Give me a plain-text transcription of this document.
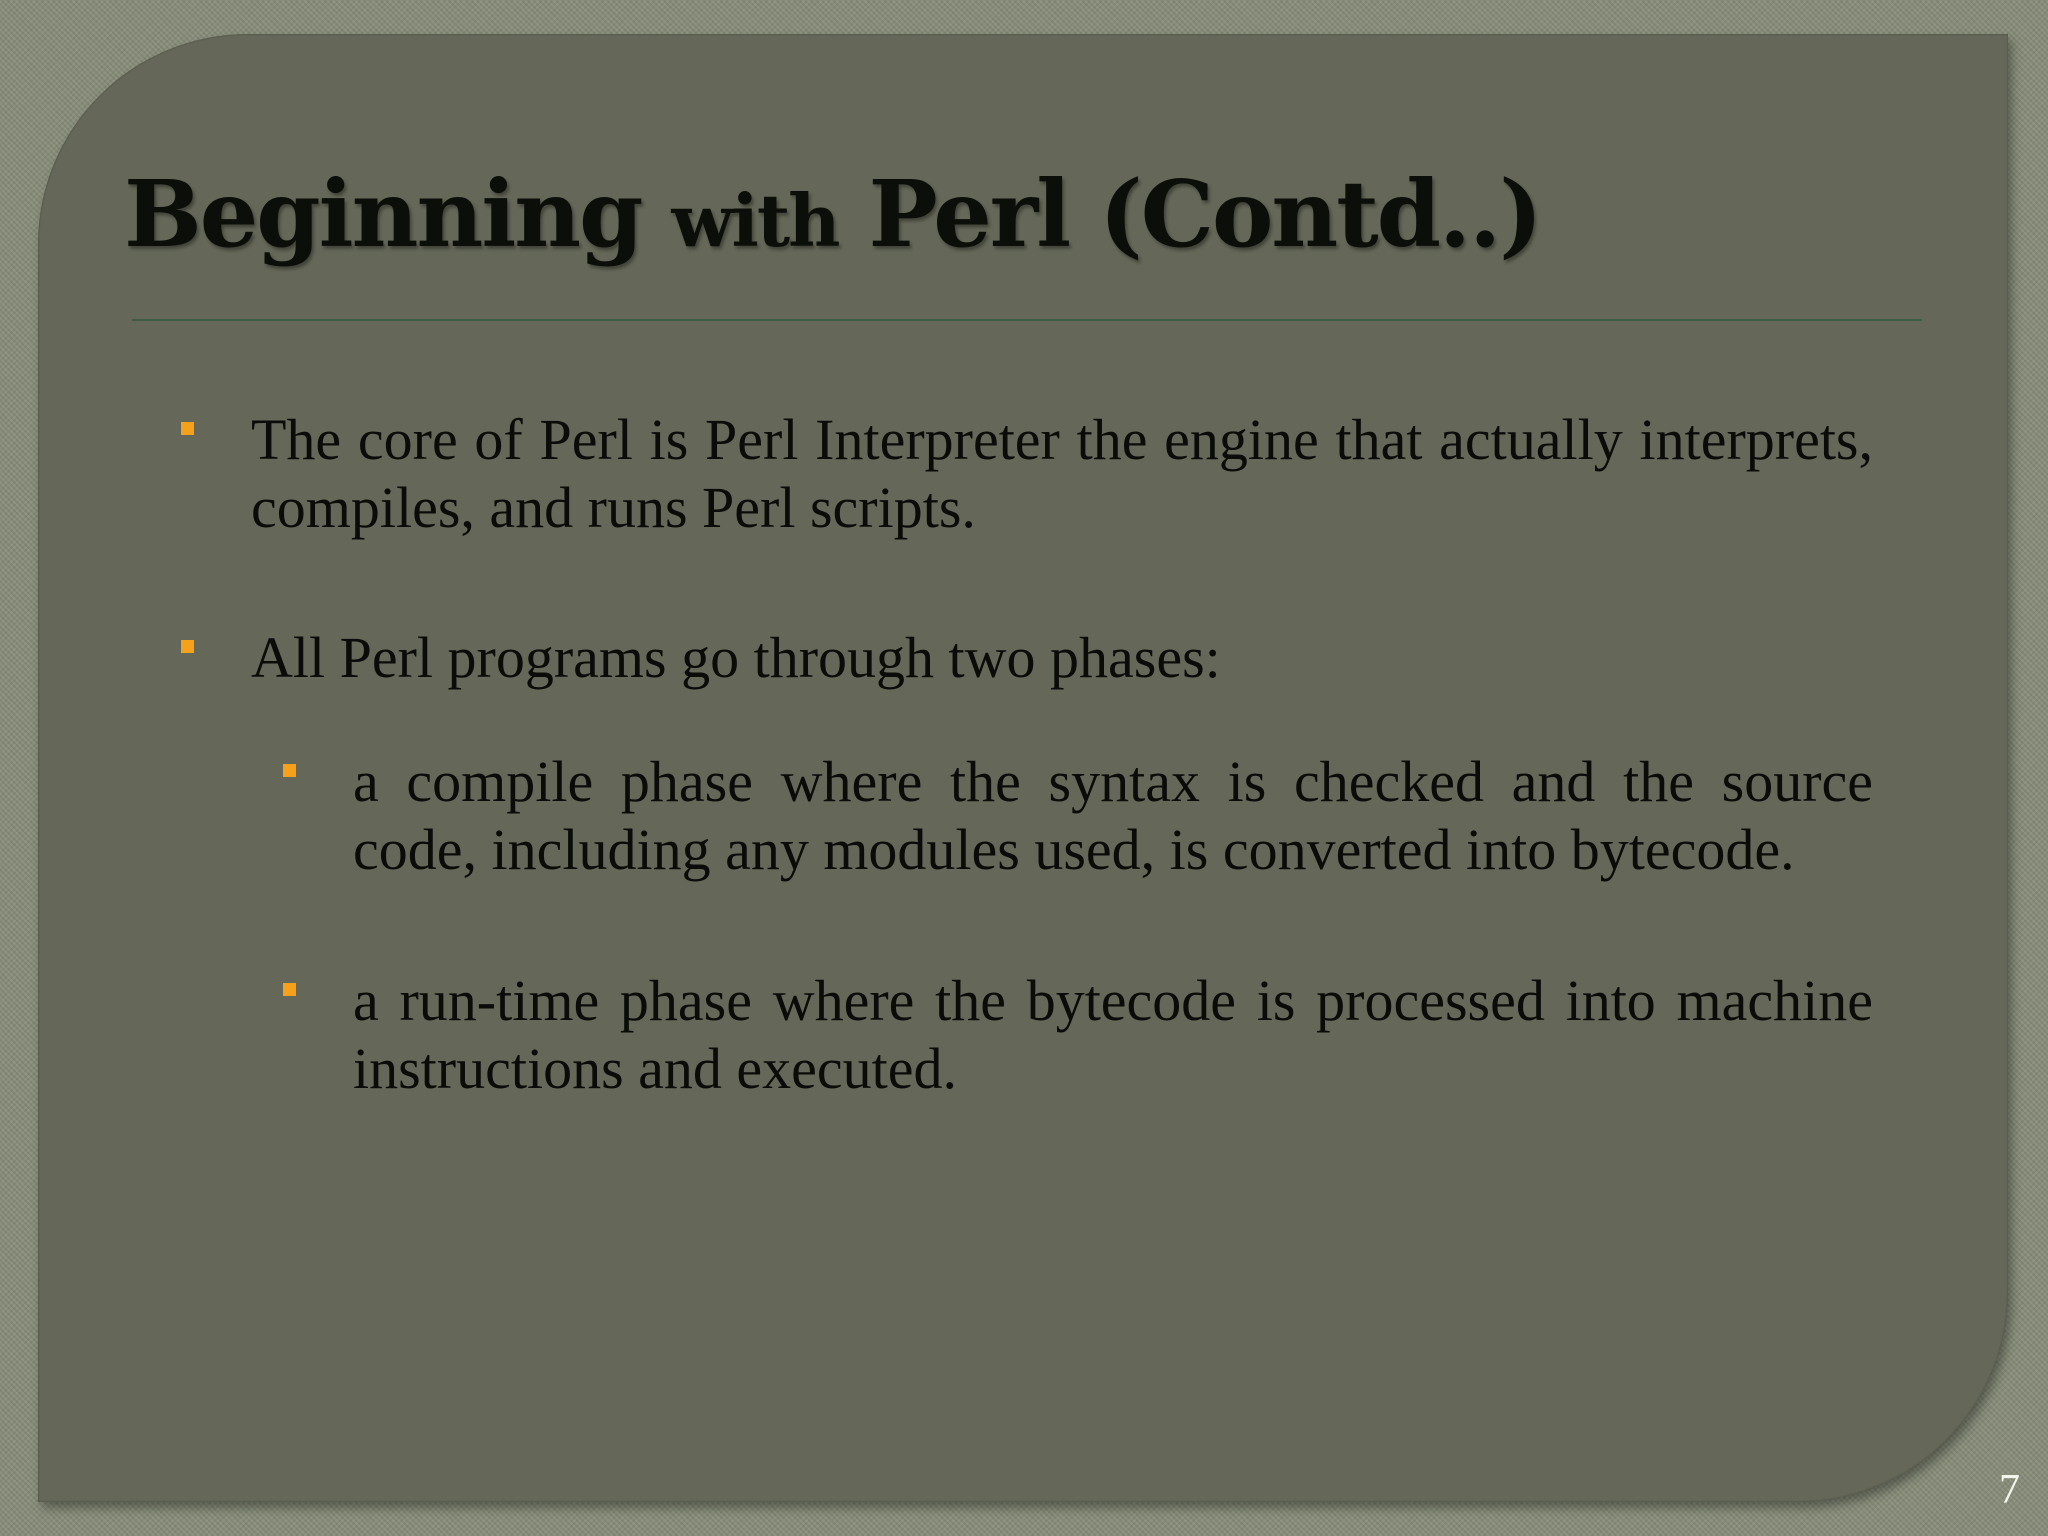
Beginning with Perl (Contd..)

The core of Perl is Perl Interpreter the engine that actually interprets, compiles, and runs Perl scripts.

All Perl programs go through two phases:

a compile phase where the syntax is checked and the source code, including any modules used, is converted into bytecode.

a run-time phase where the bytecode is processed into machine instructions and executed.

7
